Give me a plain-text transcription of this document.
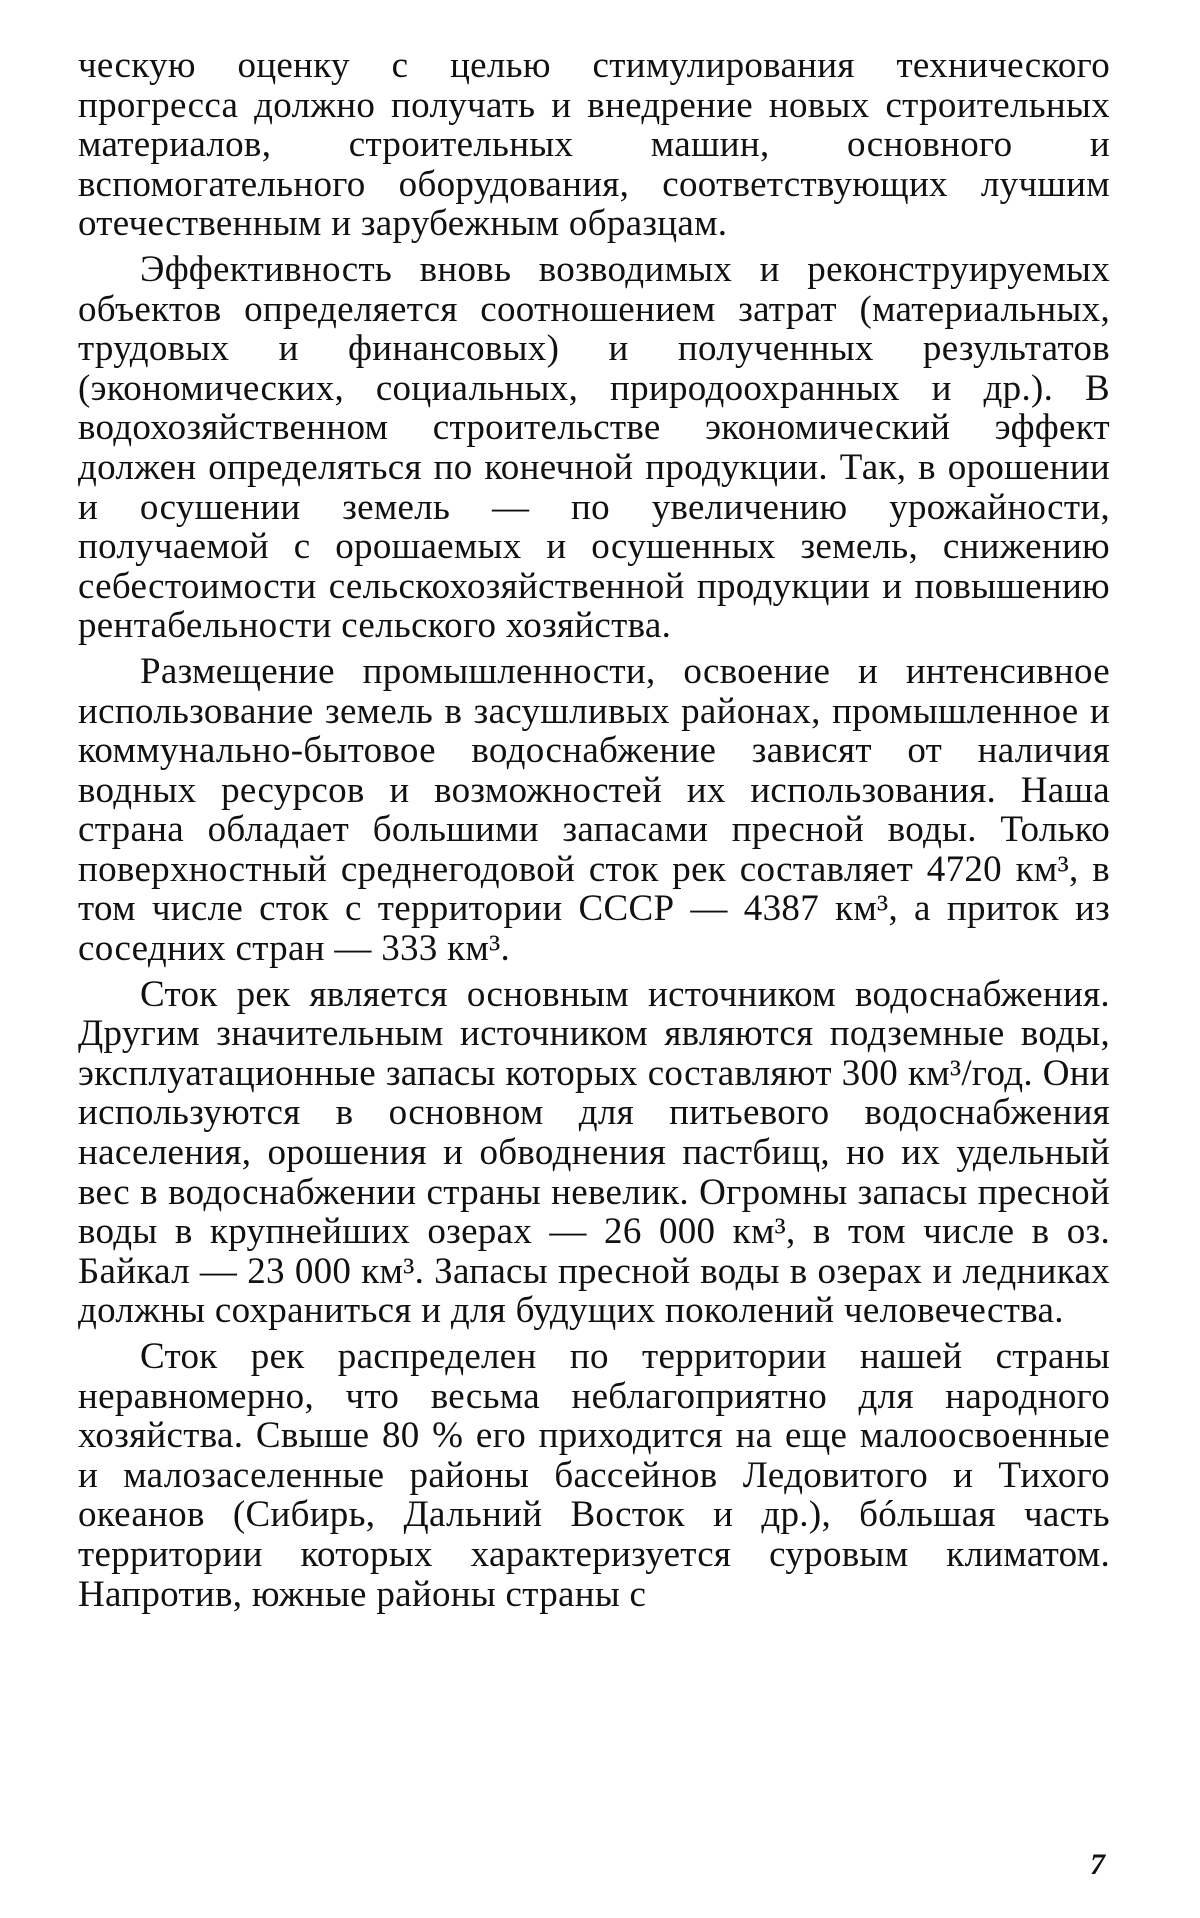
ческую оценку с целью стимулирования технического прогресса должно получать и внедрение новых строительных материалов, строительных машин, основного и вспомогательного оборудования, соответствующих лучшим отечественным и зарубежным образцам.

Эффективность вновь возводимых и реконструируемых объектов определяется соотношением затрат (материальных, трудовых и финансовых) и полученных результатов (экономических, социальных, природоохранных и др.). В водохозяйственном строительстве экономический эффект должен определяться по конечной продукции. Так, в орошении и осушении земель — по увеличению урожайности, получаемой с орошаемых и осушенных земель, снижению себестоимости сельскохозяйственной продукции и повышению рентабельности сельского хозяйства.

Размещение промышленности, освоение и интенсивное использование земель в засушливых районах, промышленное и коммунально-бытовое водоснабжение зависят от наличия водных ресурсов и возможностей их использования. Наша страна обладает большими запасами пресной воды. Только поверхностный среднегодовой сток рек составляет 4720 км³, в том числе сток с территории СССР — 4387 км³, а приток из соседних стран — 333 км³.

Сток рек является основным источником водоснабжения. Другим значительным источником являются подземные воды, эксплуатационные запасы которых составляют 300 км³/год. Они используются в основном для питьевого водоснабжения населения, орошения и обводнения пастбищ, но их удельный вес в водоснабжении страны невелик. Огромны запасы пресной воды в крупнейших озерах — 26 000 км³, в том числе в оз. Байкал — 23 000 км³. Запасы пресной воды в озерах и ледниках должны сохраниться и для будущих поколений человечества.

Сток рек распределен по территории нашей страны неравномерно, что весьма неблагоприятно для народного хозяйства. Свыше 80 % его приходится на еще малоосвоенные и малозаселенные районы бассейнов Ледовитого и Тихого океанов (Сибирь, Дальний Восток и др.), бóльшая часть территории которых характеризуется суровым климатом. Напротив, южные районы страны с

7
